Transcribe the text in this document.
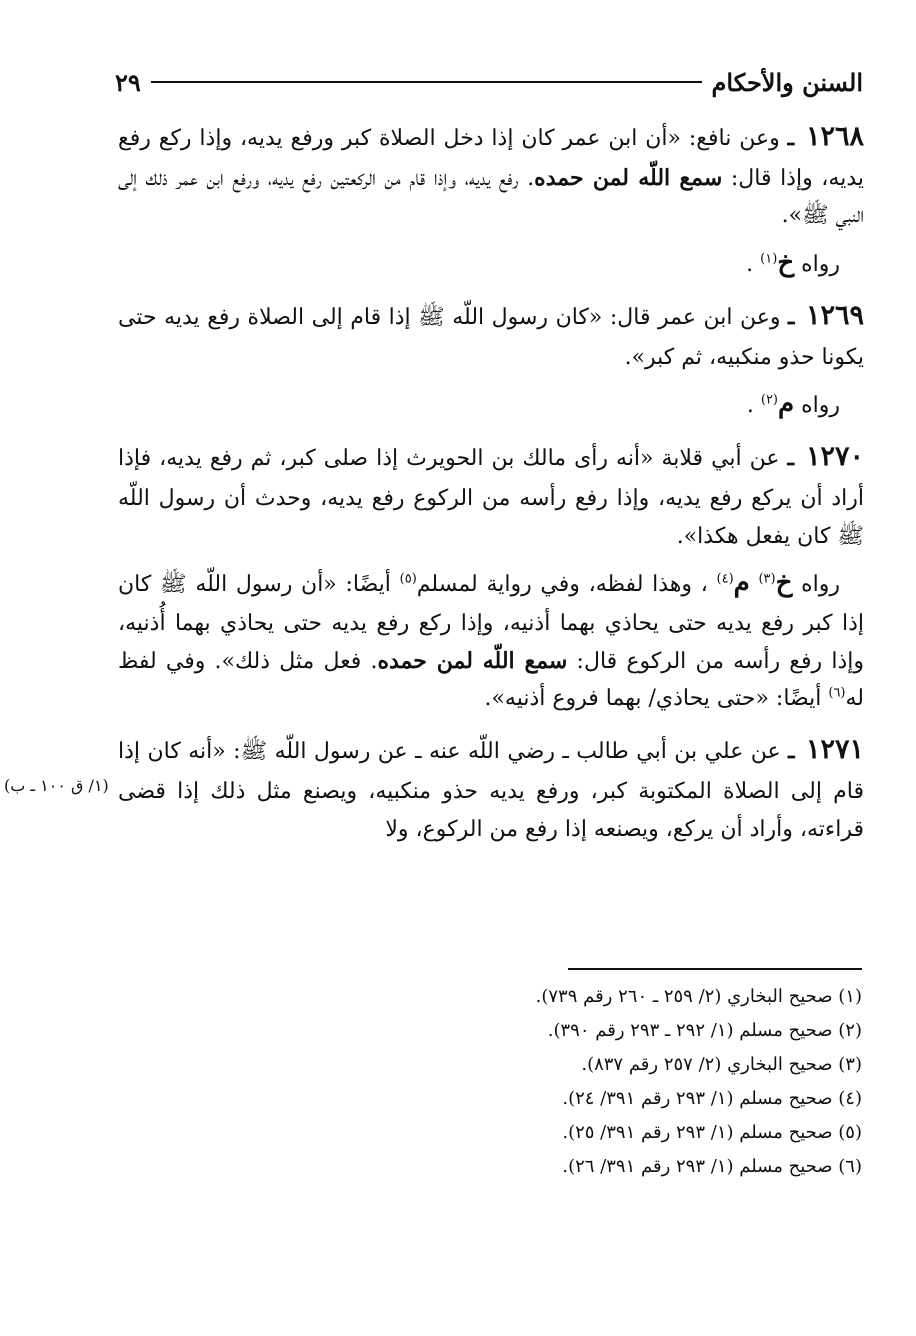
السنن والأحكام
٢٩

١٢٦٨ ـ وعن نافع: «أن ابن عمر كان إذا دخل الصلاة كبر ورفع يديه، وإذا ركع رفع يديه، وإذا قال: سمع اللّه لمن حمده. رفع يديه، وإذا قام من الركعتين رفع يديه، ورفع ابن عمر ذلك إلى النبي ﷺ».

رواه خ$^{(١)}$ .

١٢٦٩ ـ وعن ابن عمر قال: «كان رسول اللّه ﷺ إذا قام إلى الصلاة رفع يديه حتى يكونا حذو منكبيه، ثم كبر».

رواه م$^{(٢)}$ .

١٢٧٠ ـ عن أبي قلابة «أنه رأى مالك بن الحويرث إذا صلى كبر، ثم رفع يديه، فإذا أراد أن يركع رفع يديه، وإذا رفع رأسه من الركوع رفع يديه، وحدث أن رسول اللّه ﷺ كان يفعل هكذا».

رواه خ$^{(٣)}$ م$^{(٤)}$ ، وهذا لفظه، وفي رواية لمسلم$^{(٥)}$ أيضًا: «أن رسول اللّه ﷺ كان إذا كبر رفع يديه حتى يحاذي بهما أذنيه، وإذا ركع رفع يديه حتى يحاذي بهما أُذنيه، وإذا رفع رأسه من الركوع قال: سمع اللّه لمن حمده. فعل مثل ذلك». وفي لفظ له$^{(٦)}$ أيضًا: «حتى يحاذي/ بهما فروع أذنيه».

١٢٧١ ـ عن علي بن أبي طالب ـ رضي اللّه عنه ـ عن رسول اللّه ﷺ: «أنه كان إذا قام إلى الصلاة المكتوبة كبر، ورفع يديه حذو منكبيه، ويصنع مثل ذلك إذا قضى قراءته، وأراد أن يركع، ويصنعه إذا رفع من الركوع، ولا

(١/ ق ١٠٠ ـ ب)

(١) صحيح البخاري (٢/ ٢٥٩ ـ ٢٦٠ رقم ٧٣٩).

(٢) صحيح مسلم (١/ ٢٩٢ ـ ٢٩٣ رقم ٣٩٠).

(٣) صحيح البخاري (٢/ ٢٥٧ رقم ٨٣٧).

(٤) صحيح مسلم (١/ ٢٩٣ رقم ٣٩١/ ٢٤).

(٥) صحيح مسلم (١/ ٢٩٣ رقم ٣٩١/ ٢٥).

(٦) صحيح مسلم (١/ ٢٩٣ رقم ٣٩١/ ٢٦).
